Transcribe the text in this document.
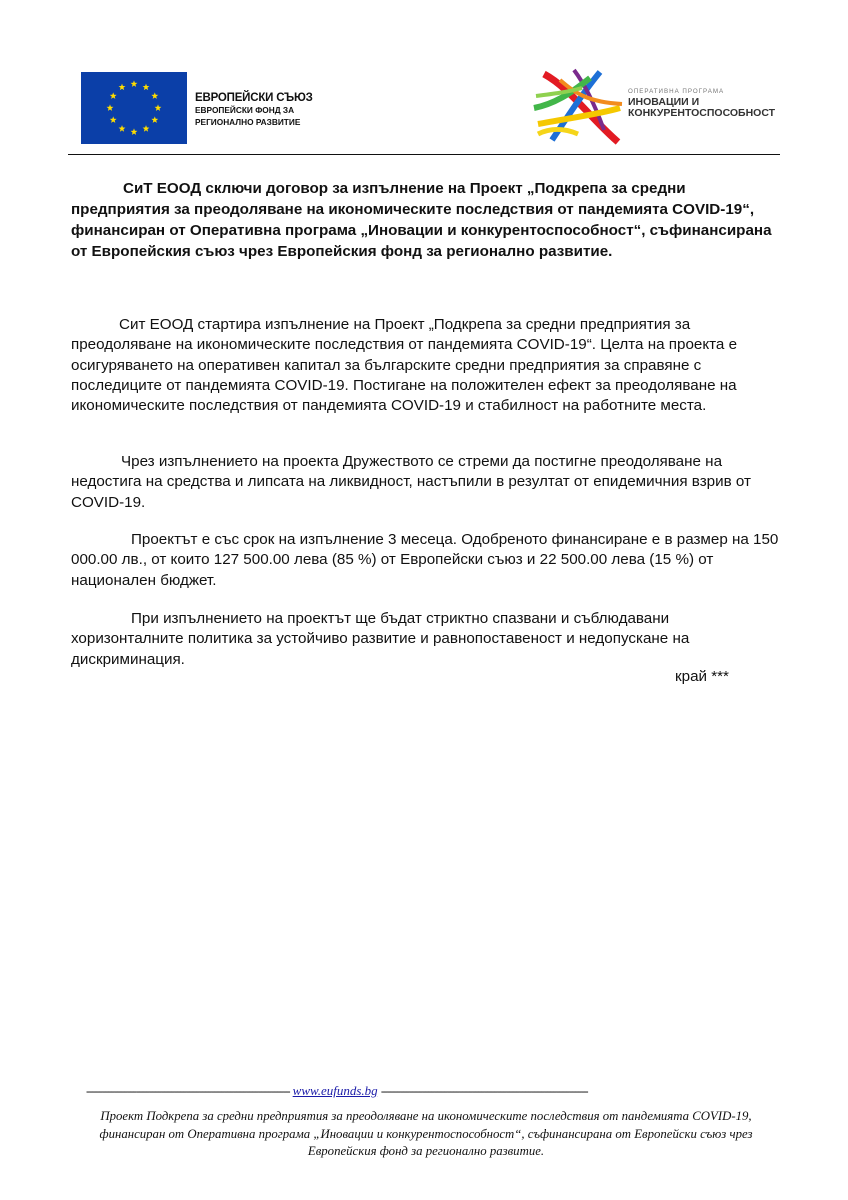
ЕВРОПЕЙСКИ СЪЮЗ
ЕВРОПЕЙСКИ ФОНД ЗА
РЕГИОНАЛНО РАЗВИТИЕ
ОПЕРАТИВНА ПРОГРАМА
ИНОВАЦИИ И
КОНКУРЕНТОСПОСОБНОСТ

СиТ ЕООД сключи договор за изпълнение на Проект „Подкрепа за средни предприятия за преодоляване на икономическите последствия от пандемията COVID-19“, финансиран от Оперативна програма „Иновации и конкурентоспособност“, съфинансирана от Европейския съюз чрез Европейския фонд за регионално развитие.

Сит ЕООД стартира изпълнение на Проект „Подкрепа за средни предприятия за преодоляване на икономическите последствия от пандемията COVID-19“. Целта на проекта е осигуряването на оперативен капитал за българските средни предприятия за справяне с последиците от пандемията COVID-19. Постигане на положителен ефект за преодоляване на икономическите последствия от пандемията COVID-19 и стабилност на работните места.

Чрез изпълнението на проекта Дружеството се стреми да постигне преодоляване на недостига на средства и липсата на ликвидност, настъпили в резултат от епидемичния взрив от COVID-19.

Проектът е със срок на изпълнение 3 месеца. Одобреното финансиране е в размер на 150 000.00 лв., от които 127 500.00 лева (85 %) от Европейски съюз и 22 500.00 лева (15 %) от национален бюджет.

При изпълнението на проектът ще бъдат стриктно спазвани и съблюдавани хоризонталните политика за устойчиво развитие и равнопоставеност и недопускане на дискриминация.

край ***

----------------------------------------------------------------- www.eufunds.bg ------------------------------------------------------------------

Проект Подкрепа за средни предприятия за преодоляване на икономическите последствия от пандемията COVID-19, финансиран от Оперативна програма „Иновации и конкурентоспособност“, съфинансирана от Европейски съюз чрез Европейския фонд за регионално развитие.
